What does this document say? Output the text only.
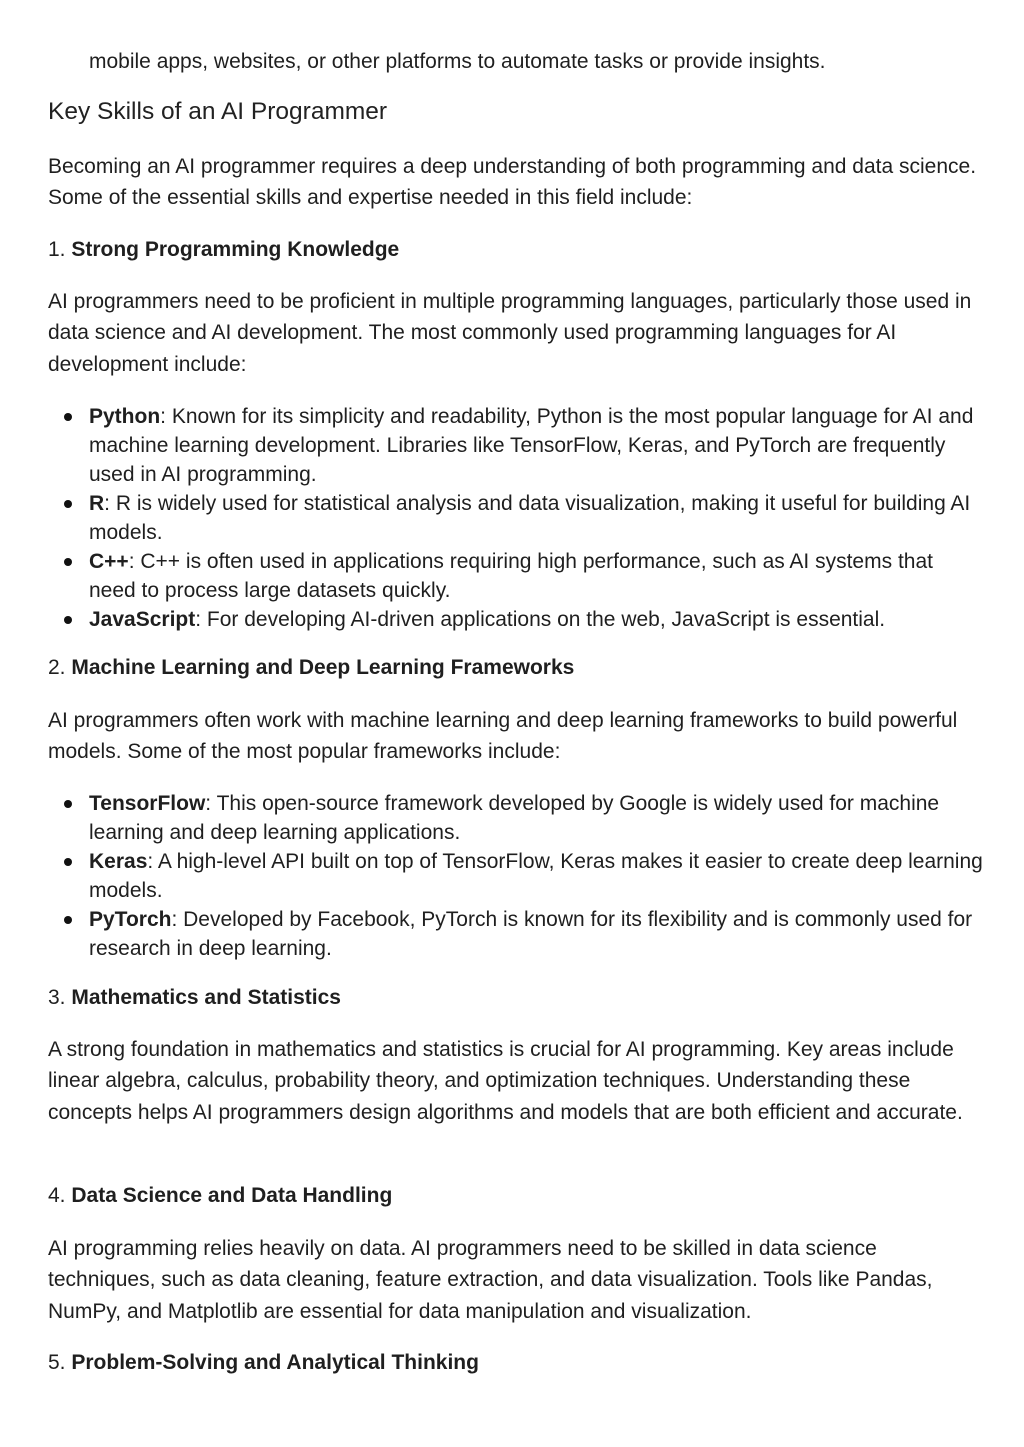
mobile apps, websites, or other platforms to automate tasks or provide insights.
Key Skills of an AI Programmer

Becoming an AI programmer requires a deep understanding of both programming and data science. Some of the essential skills and expertise needed in this field include:

1. Strong Programming Knowledge

AI programmers need to be proficient in multiple programming languages, particularly those used in data science and AI development. The most commonly used programming languages for AI development include:

Python: Known for its simplicity and readability, Python is the most popular language for AI and machine learning development. Libraries like TensorFlow, Keras, and PyTorch are frequently used in AI programming.
R: R is widely used for statistical analysis and data visualization, making it useful for building AI models.
C++: C++ is often used in applications requiring high performance, such as AI systems that need to process large datasets quickly.
JavaScript: For developing AI-driven applications on the web, JavaScript is essential.
2. Machine Learning and Deep Learning Frameworks

AI programmers often work with machine learning and deep learning frameworks to build powerful models. Some of the most popular frameworks include:

TensorFlow: This open-source framework developed by Google is widely used for machine learning and deep learning applications.
Keras: A high-level API built on top of TensorFlow, Keras makes it easier to create deep learning models.
PyTorch: Developed by Facebook, PyTorch is known for its flexibility and is commonly used for research in deep learning.
3. Mathematics and Statistics

A strong foundation in mathematics and statistics is crucial for AI programming. Key areas include linear algebra, calculus, probability theory, and optimization techniques. Understanding these concepts helps AI programmers design algorithms and models that are both efficient and accurate.

4. Data Science and Data Handling

AI programming relies heavily on data. AI programmers need to be skilled in data science techniques, such as data cleaning, feature extraction, and data visualization. Tools like Pandas, NumPy, and Matplotlib are essential for data manipulation and visualization.

5. Problem-Solving and Analytical Thinking
